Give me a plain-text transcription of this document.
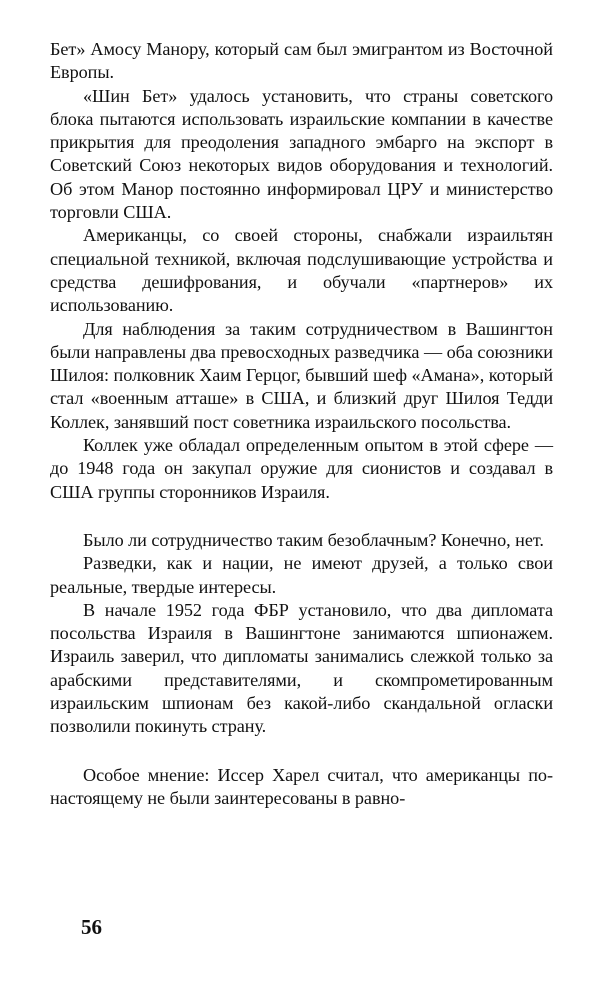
Бет» Амосу Манору, который сам был эмигрантом из Восточной Европы.

«Шин Бет» удалось установить, что страны советского блока пытаются использовать израильские компании в качестве прикрытия для преодоления западного эмбарго на экспорт в Советский Союз некоторых видов оборудования и технологий. Об этом Манор постоянно информировал ЦРУ и министерство торговли США.

Американцы, со своей стороны, снабжали израильтян специальной техникой, включая подслушивающие устройства и средства дешифрования, и обучали «партнеров» их использованию.

Для наблюдения за таким сотрудничеством в Вашингтон были направлены два превосходных разведчика — оба союзники Шилоя: полковник Хаим Герцог, бывший шеф «Амана», который стал «военным атташе» в США, и близкий друг Шилоя Тедди Коллек, занявший пост советника израильского посольства.

Коллек уже обладал определенным опытом в этой сфере — до 1948 года он закупал оружие для сионистов и создавал в США группы сторонников Израиля.

Было ли сотрудничество таким безоблачным? Конечно, нет.

Разведки, как и нации, не имеют друзей, а только свои реальные, твердые интересы.

В начале 1952 года ФБР установило, что два дипломата посольства Израиля в Вашингтоне занимаются шпионажем. Израиль заверил, что дипломаты занимались слежкой только за арабскими представителями, и скомпрометированным израильским шпионам без какой-либо скандальной огласки позволили покинуть страну.

Особое мнение: Иссер Харел считал, что американцы по-настоящему не были заинтересованы в равно-

56
